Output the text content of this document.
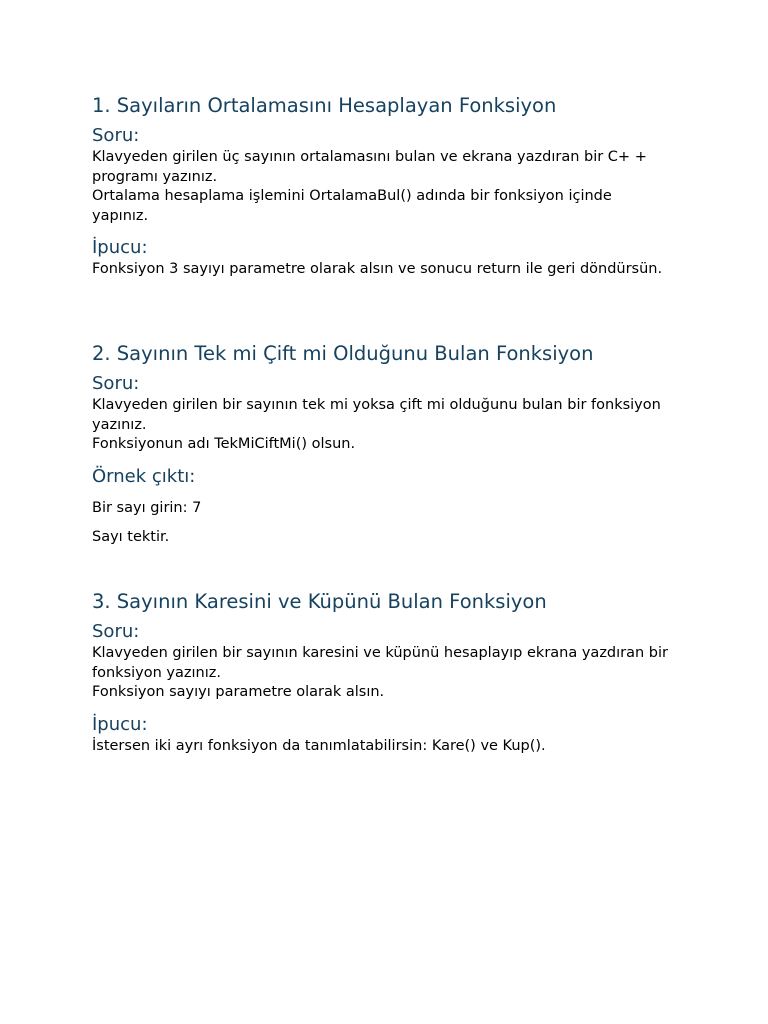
1. Sayıların Ortalamasını Hesaplayan Fonksiyon
Soru:

Klavyeden girilen üç sayının ortalamasını bulan ve ekrana yazdıran bir C+ + programı yazınız.
Ortalama hesaplama işlemini OrtalamaBul() adında bir fonksiyon içinde yapınız.

İpucu:

Fonksiyon 3 sayıyı parametre olarak alsın ve sonucu return ile geri döndürsün.

2. Sayının Tek mi Çift mi Olduğunu Bulan Fonksiyon
Soru:

Klavyeden girilen bir sayının tek mi yoksa çift mi olduğunu bulan bir fonksiyon yazınız.
Fonksiyonun adı TekMiCiftMi() olsun.

Örnek çıktı:

Bir sayı girin: 7

Sayı tektir.

3. Sayının Karesini ve Küpünü Bulan Fonksiyon
Soru:

Klavyeden girilen bir sayının karesini ve küpünü hesaplayıp ekrana yazdıran bir fonksiyon yazınız.
Fonksiyon sayıyı parametre olarak alsın.

İpucu:

İstersen iki ayrı fonksiyon da tanımlatabilirsin: Kare() ve Kup().
